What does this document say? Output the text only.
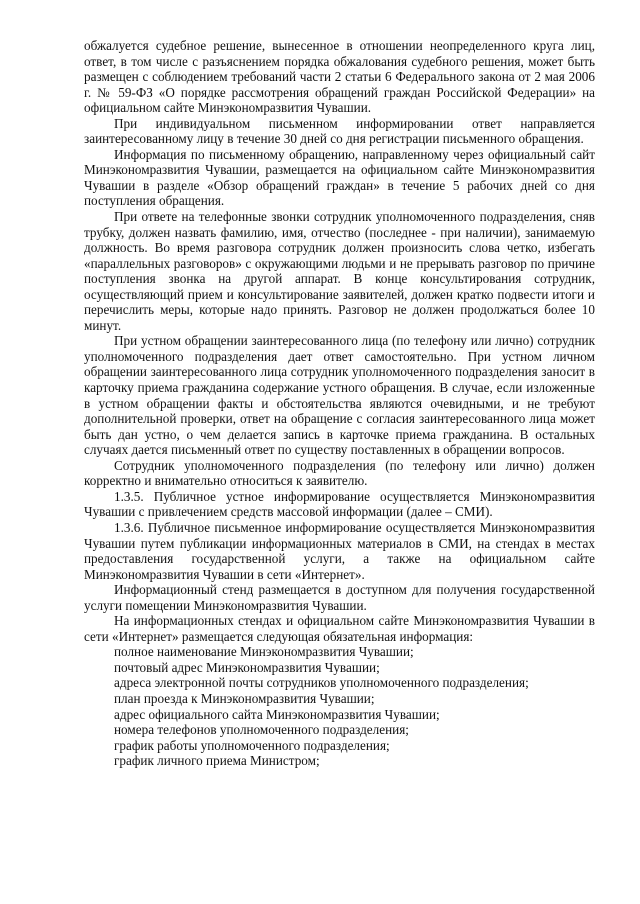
обжалуется судебное решение, вынесенное в отношении неопределенного круга лиц, ответ, в том числе с разъяснением порядка обжалования судебного решения, может быть размещен с соблюдением требований части 2 статьи 6 Федерального закона от 2 мая 2006 г. № 59-ФЗ «О порядке рассмотрения обращений граждан Российской Федерации» на официальном сайте Минэкономразвития Чувашии.

При индивидуальном письменном информировании ответ направляется заинтересованному лицу в течение 30 дней со дня регистрации письменного обращения.

Информация по письменному обращению, направленному через официальный сайт Минэкономразвития Чувашии, размещается на официальном сайте Минэкономразвития Чувашии в разделе «Обзор обращений граждан» в течение 5 рабочих дней со дня поступления обращения.

При ответе на телефонные звонки сотрудник уполномоченного подразделения, сняв трубку, должен назвать фамилию, имя, отчество (последнее - при наличии), занимаемую должность. Во время разговора сотрудник должен произносить слова четко, избегать «параллельных разговоров» с окружающими людьми и не прерывать разговор по причине поступления звонка на другой аппарат. В конце консультирования сотрудник, осуществляющий прием и консультирование заявителей, должен кратко подвести итоги и перечислить меры, которые надо принять. Разговор не должен продолжаться более 10 минут.

При устном обращении заинтересованного лица (по телефону или лично) сотрудник уполномоченного подразделения дает ответ самостоятельно. При устном личном обращении заинтересованного лица сотрудник уполномоченного подразделения заносит в карточку приема гражданина содержание устного обращения. В случае, если изложенные в устном обращении факты и обстоятельства являются очевидными, и не требуют дополнительной проверки, ответ на обращение с согласия заинтересованного лица может быть дан устно, о чем делается запись в карточке приема гражданина. В остальных случаях дается письменный ответ по существу поставленных в обращении вопросов.

Сотрудник уполномоченного подразделения (по телефону или лично) должен корректно и внимательно относиться к заявителю.

1.3.5. Публичное устное информирование осуществляется Минэкономразвития Чувашии с привлечением средств массовой информации (далее – СМИ).

1.3.6. Публичное письменное информирование осуществляется Минэкономразвития Чувашии путем публикации информационных материалов в СМИ, на стендах в местах предоставления государственной услуги, а также на официальном сайте Минэкономразвития Чувашии в сети «Интернет».

Информационный стенд размещается в доступном для получения государственной услуги помещении Минэкономразвития Чувашии.

На информационных стендах и официальном сайте Минэкономразвития Чувашии в сети «Интернет» размещается следующая обязательная информация:

полное наименование Минэкономразвития Чувашии;
почтовый адрес Минэкономразвития Чувашии;
адреса электронной почты сотрудников уполномоченного подразделения;
план проезда к Минэкономразвития Чувашии;
адрес официального сайта Минэкономразвития Чувашии;
номера телефонов уполномоченного подразделения;
график работы уполномоченного подразделения;
график личного приема Министром;
